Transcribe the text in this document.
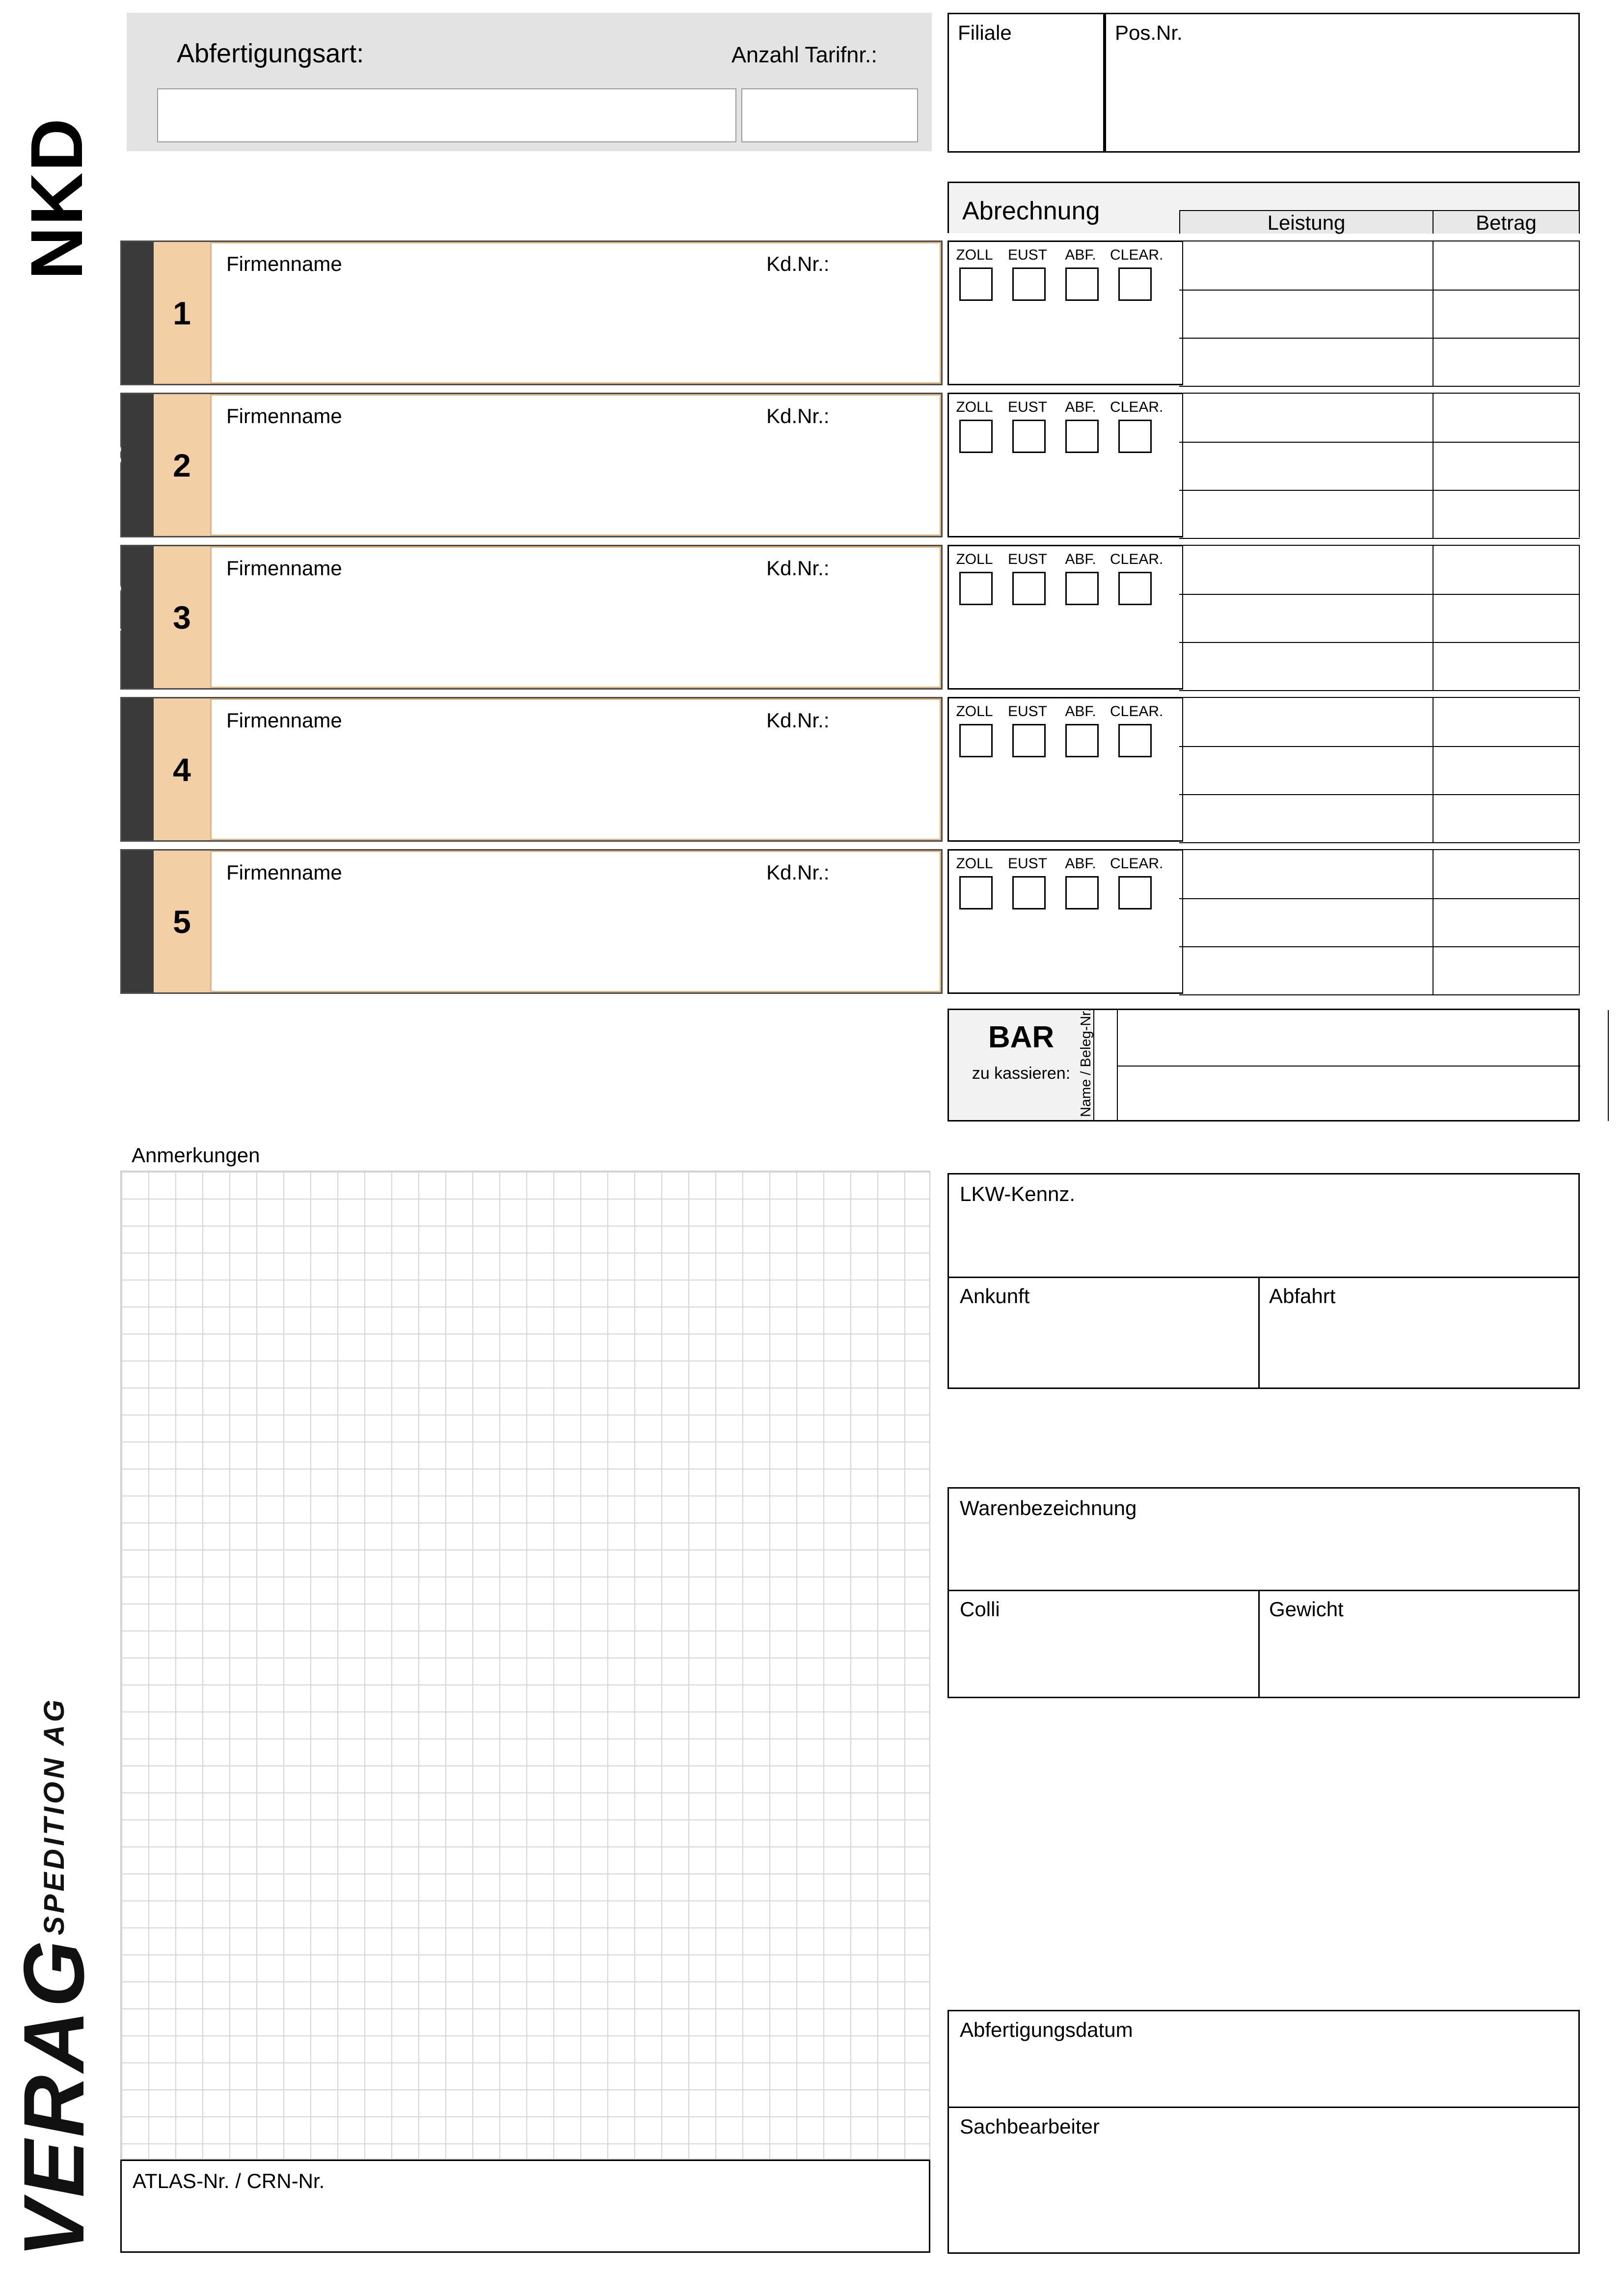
NKD
VERAG SPEDITION AG
Abfertigungsart:	Anzahl Tarifnr.:
Filiale	Pos.Nr.
Abrechnung	Leistung	Betrag
Avisierer	1
Firmenname	Kd.Nr.:	ZOLL	EUST	ABF. CLEAR.
Auftraggeber	2
Firmenname	Kd.Nr.:	ZOLL	EUST	ABF. CLEAR.
Empfänger	3
Firmenname	Kd.Nr.:	ZOLL	EUST	ABF. CLEAR.
Absender	4
Firmenname	Kd.Nr.:	ZOLL	EUST	ABF. CLEAR.
Frachtführer	5
Firmenname	Kd.Nr.:	ZOLL	EUST	ABF. CLEAR.
BAR
zu kassieren: Name / Beleg-Nr.
Anmerkungen
ATLAS-Nr. / CRN-Nr.
LKW-Kennz.
Ankunft	Abfahrt
Warenbezeichnung
Colli	Gewicht
Abfertigungsdatum
Sachbearbeiter
